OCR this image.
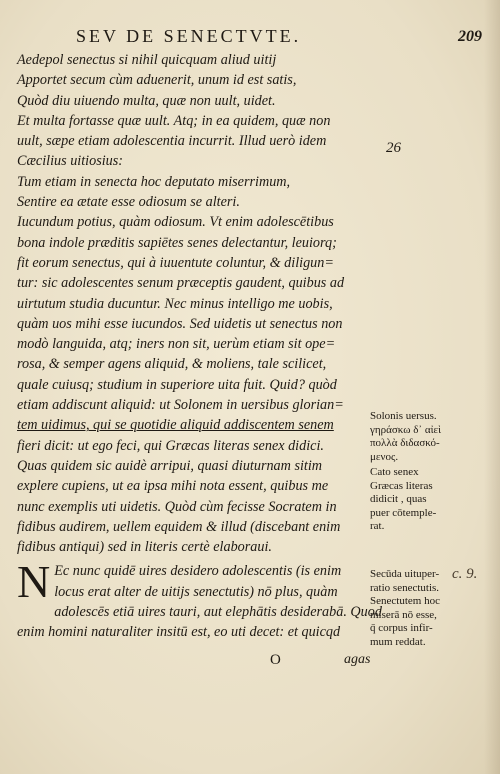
SEV DE SENECTVTE.	209
Aedepol senectus si nihil quicquam aliud uitij
Apportet secum cùm aduenerit, unum id est satis,
Quòd diu uiuendo multa, quæ non uult, uidet.
Et multa fortasse quæ uult. Atq; in ea quidem, quæ non
uult, sæpe etiam adolescentia incurrit. Illud uerò idem
Cæcilius uitiosius:
Tum etiam in senecta hoc deputato miserrimum,
Sentire ea ætate esse odiosum se alteri.
Iucundum potius, quàm odiosum. Vt enim adolescētibus
bona indole præditis sapiētes senes delectantur, leuiorq;
fit eorum senectus, qui à iuuentute coluntur, & diligun=
tur: sic adolescentes senum præceptis gaudent, quibus ad
uirtutum studia ducuntur. Nec minus intelligo me uobis,
quàm uos mihi esse iucundos. Sed uidetis ut senectus non
modò languida, atq; iners non sit, uerùm etiam sit ope=
rosa, & semper agens aliquid, & moliens, tale scilicet,
quale cuiusq; studium in superiore uita fuit. Quid? quòd
etiam addiscunt aliquid: ut Solonem in uersibus glorian=
tem uidimus, qui se quotidie aliquid addiscentem senem
fieri dicit: ut ego feci, qui Græcas literas senex didici.
Quas quidem sic auidè arripui, quasi diuturnam sitim
explere cupiens, ut ea ipsa mihi nota essent, quibus me
nunc exemplis uti uidetis. Quòd cùm fecisse Socratem in
fidibus audirem, uellem equidem & illud (discebant enim
fidibus antiqui) sed in literis certè elaboraui.
N Ec nunc quidē uires desidero adolescentis (is enim
locus erat alter de uitijs senectutis) nō plus, quàm
adolescēs etiā uires tauri, aut elephātis desiderabā. Quod
enim homini naturaliter insitū est, eo uti decet: et quicqd
O	agas
26
Solonis uersus.
γηράσκω δ᾽ αἰεὶ
πολλὰ διδασκό-
μενος.
Cato senex
Græcas literas
didicit , quas
puer cōtemple-
rat.
Secūda uituper-
ratio senectutis.
Senectutem hoc
miserā nō esse,
q̄ corpus infir-
mum reddat.
c. 9.
